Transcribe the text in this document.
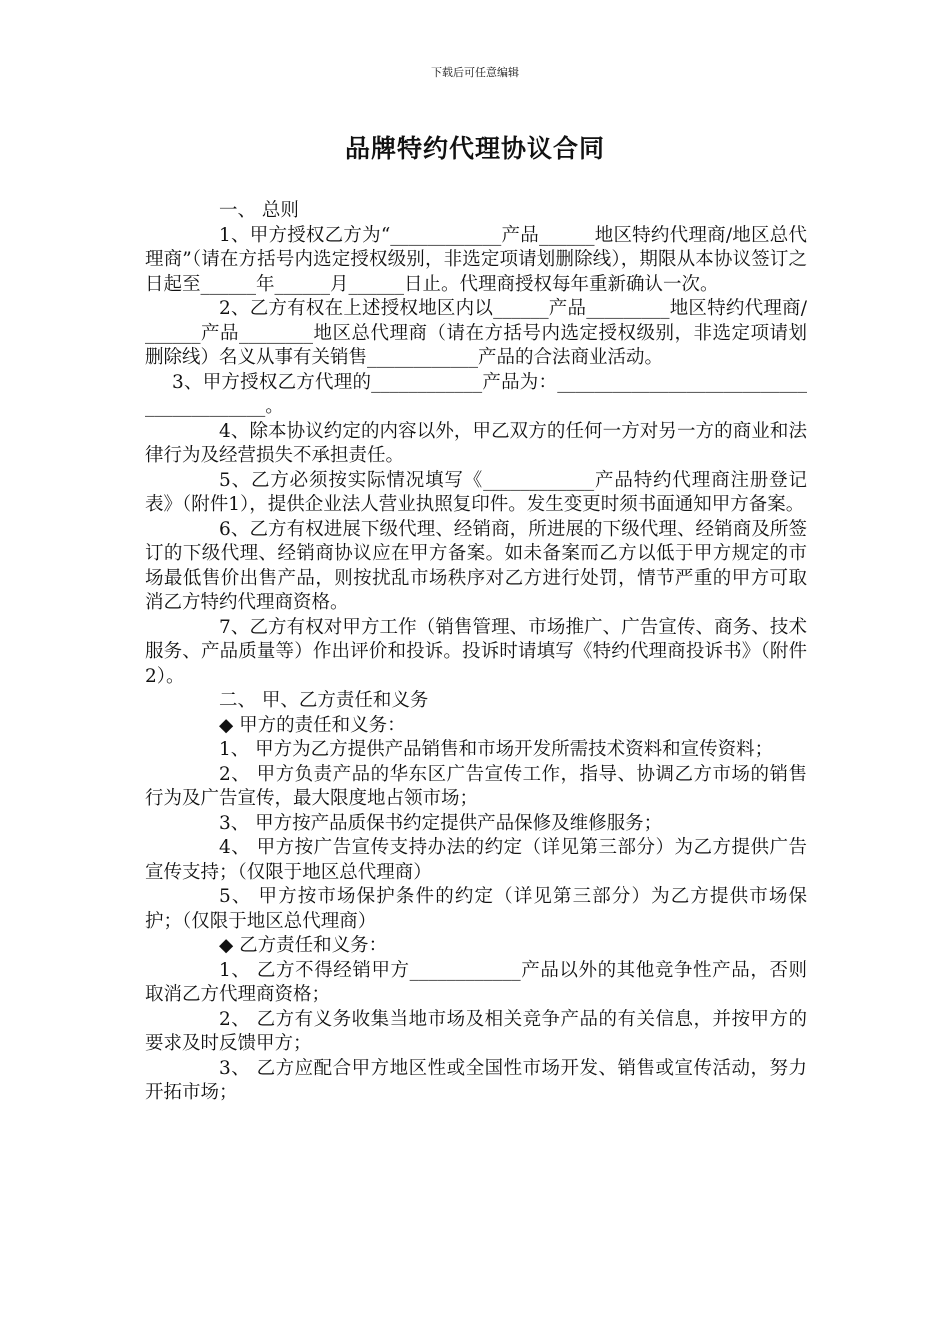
下载后可任意编辑
品牌特约代理协议合同

一、 总则

1、甲方授权乙方为“____________产品______地区特约代理商/地区总代理商”（请在方括号内选定授权级别，非选定项请划删除线），期限从本协议签订之日起至______年______月______日止。代理商授权每年重新确认一次。

2、乙方有权在上述授权地区内以______产品_________地区特约代理商/______产品________地区总代理商（请在方括号内选定授权级别，非选定项请划删除线）名义从事有关销售____________产品的合法商业活动。

3、甲方授权乙方代理的____________产品为：________________________________________。

4、除本协议约定的内容以外，甲乙双方的任何一方对另一方的商业和法律行为及经营损失不承担责任。

5、乙方必须按实际情况填写《____________产品特约代理商注册登记表》（附件1），提供企业法人营业执照复印件。发生变更时须书面通知甲方备案。

6、乙方有权进展下级代理、经销商，所进展的下级代理、经销商及所签订的下级代理、经销商协议应在甲方备案。如未备案而乙方以低于甲方规定的市场最低售价出售产品，则按扰乱市场秩序对乙方进行处罚，情节严重的甲方可取消乙方特约代理商资格。

7、乙方有权对甲方工作（销售管理、市场推广、广告宣传、商务、技术服务、产品质量等）作出评价和投诉。投诉时请填写《特约代理商投诉书》（附件2）。

二、 甲、乙方责任和义务

◆ 甲方的责任和义务：

1、 甲方为乙方提供产品销售和市场开发所需技术资料和宣传资料；

2、 甲方负责产品的华东区广告宣传工作，指导、协调乙方市场的销售行为及广告宣传，最大限度地占领市场；

3、 甲方按产品质保书约定提供产品保修及维修服务；

4、 甲方按广告宣传支持办法的约定（详见第三部分）为乙方提供广告宣传支持；（仅限于地区总代理商）

5、 甲方按市场保护条件的约定（详见第三部分）为乙方提供市场保护；（仅限于地区总代理商）

◆ 乙方责任和义务：

1、 乙方不得经销甲方____________产品以外的其他竞争性产品，否则取消乙方代理商资格；

2、 乙方有义务收集当地市场及相关竞争产品的有关信息，并按甲方的要求及时反馈甲方；

3、 乙方应配合甲方地区性或全国性市场开发、销售或宣传活动，努力开拓市场；
